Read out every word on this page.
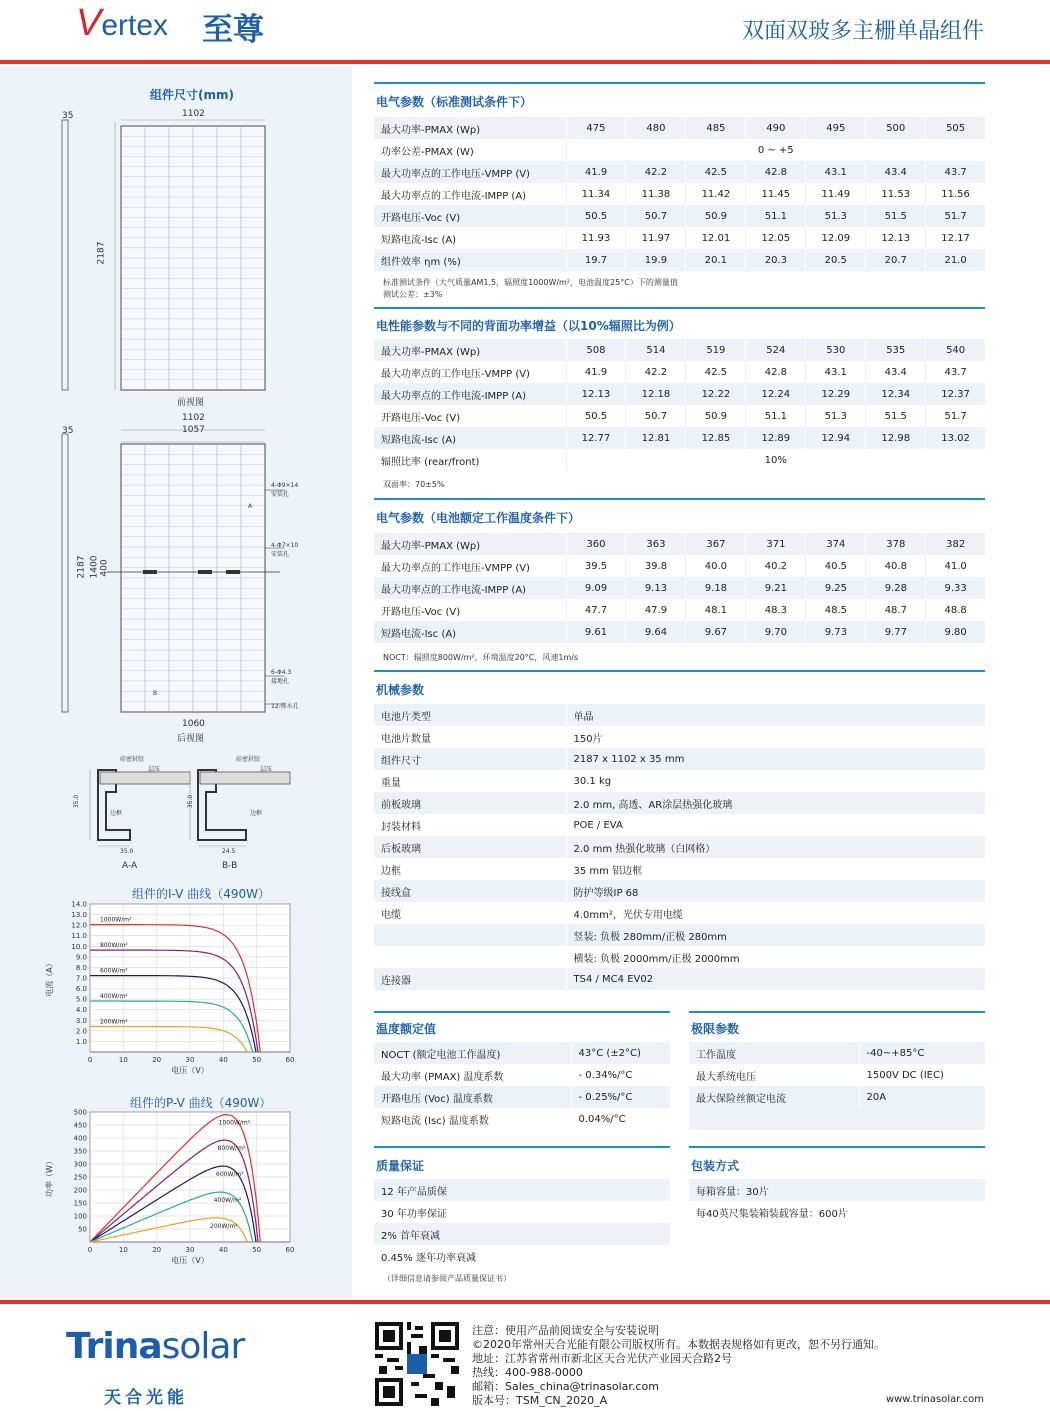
Vertex 至尊	双面双玻多主栅单晶组件
组件尺寸(mm)
35	1102
2187
前视图
35
1102
1057
2187 1400 400
4-Φ9×14
安装孔
4-Φ7×10
安装孔
6-Φ4.3
接地孔
12-排水孔
A
B
1060
后视图
硅密封胶
层压
边框
硅密封胶
层压
边框
35.0	35.0
35.0	24.5
A-A	B-B
组件的I-V 曲线（490W）
0	10	20	30	40	50	60
1.0
2.0
3.0
4.0
5.0
6.0
7.0
8.0
9.0
10.0
11.0
12.0
13.0
14.0
电压（V）
电流（A）
1000W/m²
800W/m²
600W/m²
400W/m²
200W/m²
组件的P-V 曲线（490W）
0	10	20	30	40	50	60
50
100
150
200
250
300
350
400
450
500
电压（V）
功率（W）
1000W/m²
800W/m²
600W/m²
400W/m²
200W/m²
电气参数（标准测试条件下）
最大功率-PMAX (Wp)	475	480	485	490	495	500	505
功率公差-PMAX (W)	0 ~ +5						
最大功率点的工作电压-VMPP (V)	41.9	42.2	42.5	42.8	43.1	43.4	43.7
最大功率点的工作电流-IMPP (A)	11.34	11.38	11.42	11.45	11.49	11.53	11.56
开路电压-Voc (V)	50.5	50.7	50.9	51.1	51.3	51.5	51.7
短路电流-Isc (A)	11.93	11.97	12.01	12.05	12.09	12.13	12.17
组件效率 ηm (%)	19.7	19.9	20.1	20.3	20.5	20.7	21.0
标准测试条件（大气质量AM1.5，辐照度1000W/m²，电池温度25°C）下的测量值
测试公差：±3%
电性能参数与不同的背面功率增益（以10%辐照比为例）
最大功率-PMAX (Wp)	508	514	519	524	530	535	540
最大功率点的工作电压-VMPP (V)	41.9	42.2	42.5	42.8	43.1	43.4	43.7
最大功率点的工作电流-IMPP (A)	12.13	12.18	12.22	12.24	12.29	12.34	12.37
开路电压-Voc (V)	50.5	50.7	50.9	51.1	51.3	51.5	51.7
短路电流-Isc (A)	12.77	12.81	12.85	12.89	12.94	12.98	13.02
辐照比率 (rear/front)	10%						
双面率：70±5%
电气参数（电池额定工作温度条件下）
最大功率-PMAX (Wp)	360	363	367	371	374	378	382
最大功率点的工作电压-VMPP (V)	39.5	39.8	40.0	40.2	40.5	40.8	41.0
最大功率点的工作电流-IMPP (A)	9.09	9.13	9.18	9.21	9.25	9.28	9.33
开路电压-Voc (V)	47.7	47.9	48.1	48.3	48.5	48.7	48.8
短路电流-Isc (A)	9.61	9.64	9.67	9.70	9.73	9.77	9.80
NOCT：辐照度800W/m²，环境温度20°C，风速1m/s
机械参数
电池片类型	单晶
电池片数量	150片
组件尺寸	2187 x 1102 x 35 mm
重量	30.1 kg
前板玻璃	2.0 mm, 高透、AR涂层热强化玻璃
封装材料	POE / EVA
后板玻璃	2.0 mm 热强化玻璃（白网格）
边框	35 mm 铝边框
接线盒	防护等级IP 68
电缆	4.0mm²，光伏专用电缆
	竖装: 负极 280mm/正极 280mm
	横装: 负极 2000mm/正极 2000mm
连接器	TS4 / MC4 EV02
温度额定值
NOCT (额定电池工作温度)	43°C (±2°C)
最大功率 (PMAX) 温度系数	- 0.34%/°C
开路电压 (Voc) 温度系数	- 0.25%/°C
短路电流 (Isc) 温度系数	0.04%/°C
极限参数
工作温度	-40~+85°C
最大系统电压	1500V DC (IEC)
最大保险丝额定电流	20A
质量保证
12 年产品质保
30 年功率保证
2% 首年衰减
0.45% 逐年功率衰减
（详细信息请参阅产品质量保证书）
包装方式
每箱容量：30片
每40英尺集装箱装载容量：600片
Trinasolar
天合光能
注意：使用产品前阅读安全与安装说明
©2020年常州天合光能有限公司版权所有。本数据表规格如有更改，恕不另行通知。
地址：江苏省常州市新北区天合光伏产业园天合路2号
热线：400-988-0000
邮箱：Sales_china@trinasolar.com
版本号：TSM_CN_2020_A	www.trinasolar.com
